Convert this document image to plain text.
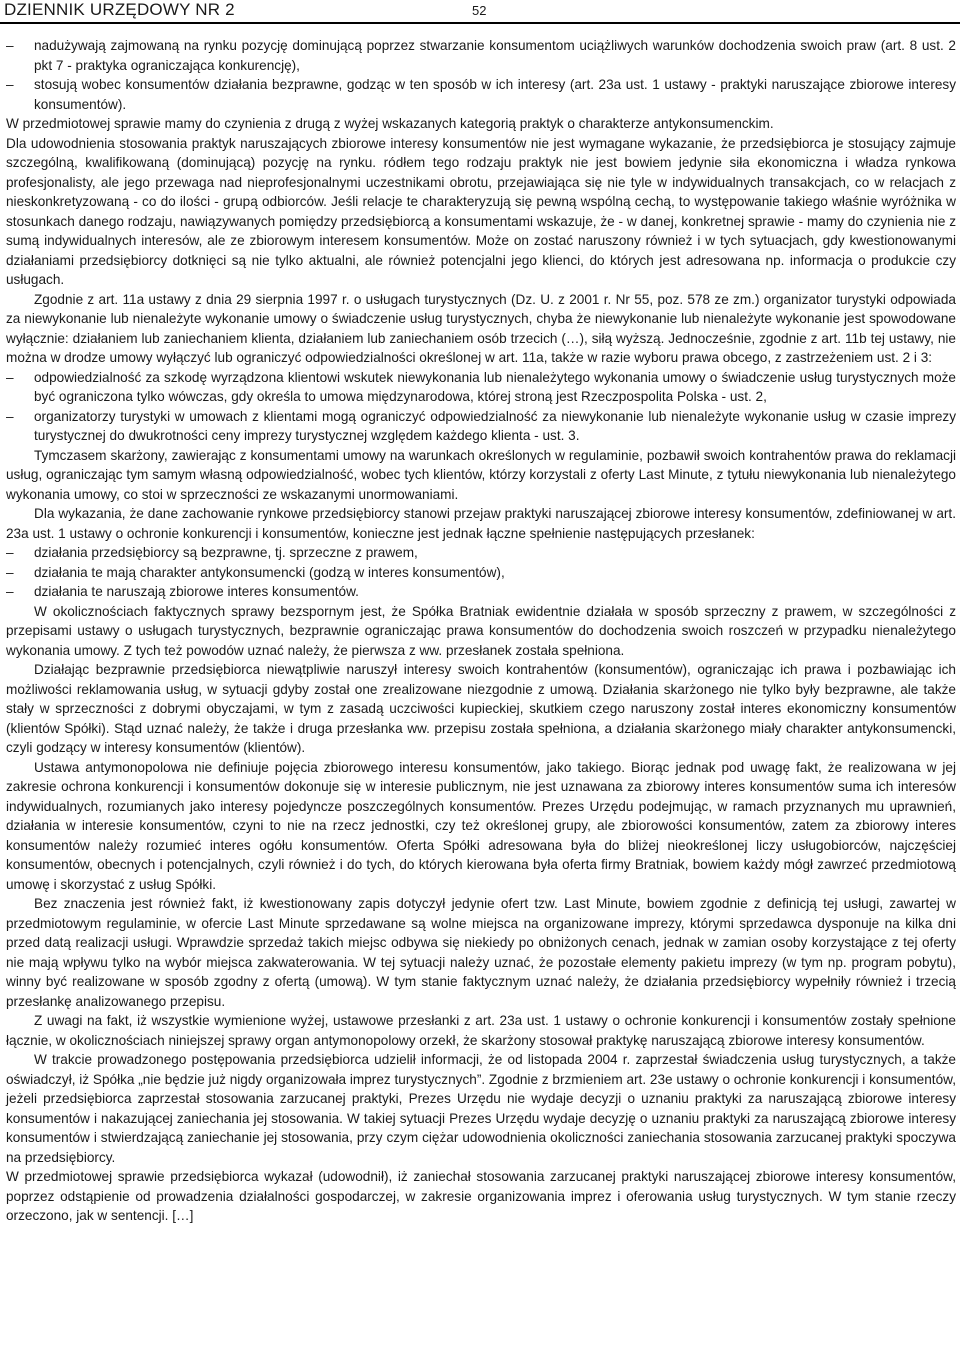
DZIENNIK URZĘDOWY NR 2	52
–	nadużywają zajmowaną na rynku pozycję dominującą poprzez stwarzanie konsumentom uciążliwych warunków dochodzenia swoich praw (art. 8 ust. 2 pkt 7 - praktyka ograniczająca konkurencję),
–	stosują wobec konsumentów działania bezprawne, godząc w ten sposób w ich interesy (art. 23a ust. 1 ustawy - praktyki naruszające zbiorowe interesy konsumentów).

W przedmiotowej sprawie mamy do czynienia z drugą z wyżej wskazanych kategorią praktyk o charakterze antykonsumenckim.

Dla udowodnienia stosowania praktyk naruszających zbiorowe interesy konsumentów nie jest wymagane wykazanie, że przedsiębiorca je stosujący zajmuje szczególną, kwalifikowaną (dominującą) pozycję na rynku. ródłem tego rodzaju praktyk nie jest bowiem jedynie siła ekonomiczna i władza rynkowa profesjonalisty, ale jego przewaga nad nieprofesjonalnymi uczestnikami obrotu, przejawiająca się nie tyle w indywidualnych transakcjach, co w relacjach z nieskonkretyzowaną - co do ilości - grupą odbiorców. Jeśli relacje te charakteryzują się pewną wspólną cechą, to występowanie takiego właśnie wyróżnika w stosunkach danego rodzaju, nawiązywanych pomiędzy przedsiębiorcą a konsumentami wskazuje, że - w danej, konkretnej sprawie - mamy do czynienia nie z sumą indywidualnych interesów, ale ze zbiorowym interesem konsumentów. Może on zostać naruszony również i w tych sytuacjach, gdy kwestionowanymi działaniami przedsiębiorcy dotknięci są nie tylko aktualni, ale również potencjalni jego klienci, do których jest adresowana np. informacja o produkcie czy usługach.

Zgodnie z art. 11a ustawy z dnia 29 sierpnia 1997 r. o usługach turystycznych (Dz. U. z 2001 r. Nr 55, poz. 578 ze zm.) organizator turystyki odpowiada za niewykonanie lub nienależyte wykonanie umowy o świadczenie usług turystycznych, chyba że niewykonanie lub nienależyte wykonanie jest spowodowane wyłącznie: działaniem lub zaniechaniem klienta, działaniem lub zaniechaniem osób trzecich (…), siłą wyższą. Jednocześnie, zgodnie z art. 11b tej ustawy, nie można w drodze umowy wyłączyć lub ograniczyć odpowiedzialności określonej w art. 11a, także w razie wyboru prawa obcego, z zastrzeżeniem ust. 2 i 3:

–	odpowiedzialność za szkodę wyrządzona klientowi wskutek niewykonania lub nienależytego wykonania umowy o świadczenie usług turystycznych może być ograniczona tylko wówczas, gdy określa to umowa międzynarodowa, której stroną jest Rzeczpospolita Polska - ust. 2,
–	organizatorzy turystyki w umowach z klientami mogą ograniczyć odpowiedzialność za niewykonanie lub nienależyte wykonanie usług w czasie imprezy turystycznej do dwukrotności ceny imprezy turystycznej względem każdego klienta - ust. 3.

Tymczasem skarżony, zawierając z konsumentami umowy na warunkach określonych w regulaminie, pozbawił swoich kontrahentów prawa do reklamacji usług, ograniczając tym samym własną odpowiedzialność, wobec tych klientów, którzy korzystali z oferty Last Minute, z tytułu niewykonania lub nienależytego wykonania umowy, co stoi w sprzeczności ze wskazanymi unormowaniami.

Dla wykazania, że dane zachowanie rynkowe przedsiębiorcy stanowi przejaw praktyki naruszającej zbiorowe interesy konsumentów, zdefiniowanej w art. 23a ust. 1 ustawy o ochronie konkurencji i konsumentów, konieczne jest jednak łączne spełnienie następujących przesłanek:

–	działania przedsiębiorcy są bezprawne, tj. sprzeczne z prawem,
–	działania te mają charakter antykonsumencki (godzą w interes konsumentów),
–	działania te naruszają zbiorowe interes konsumentów.

W okolicznościach faktycznych sprawy bezspornym jest, że Spółka Bratniak ewidentnie działała w sposób sprzeczny z prawem, w szczególności z przepisami ustawy o usługach turystycznych, bezprawnie ograniczając prawa konsumentów do dochodzenia swoich roszczeń w przypadku nienależytego wykonania umowy. Z tych też powodów uznać należy, że pierwsza z ww. przesłanek została spełniona.

Działając bezprawnie przedsiębiorca niewątpliwie naruszył interesy swoich kontrahentów (konsumentów), ograniczając ich prawa i pozbawiając ich możliwości reklamowania usług, w sytuacji gdyby został one zrealizowane niezgodnie z umową. Działania skarżonego nie tylko były bezprawne, ale także stały w sprzeczności z dobrymi obyczajami, w tym z zasadą uczciwości kupieckiej, skutkiem czego naruszony został interes ekonomiczny konsumentów (klientów Spółki). Stąd uznać należy, że także i druga przesłanka ww. przepisu została spełniona, a działania skarżonego miały charakter antykonsumencki, czyli godzący w interesy konsumentów (klientów).

Ustawa antymonopolowa nie definiuje pojęcia zbiorowego interesu konsumentów, jako takiego. Biorąc jednak pod uwagę fakt, że realizowana w jej zakresie ochrona konkurencji i konsumentów dokonuje się w interesie publicznym, nie jest uznawana za zbiorowy interes konsumentów suma ich interesów indywidualnych, rozumianych jako interesy pojedyncze poszczególnych konsumentów. Prezes Urzędu podejmując, w ramach przyznanych mu uprawnień, działania w interesie konsumentów, czyni to nie na rzecz jednostki, czy też określonej grupy, ale zbiorowości konsumentów, zatem za zbiorowy interes konsumentów należy rozumieć interes ogółu konsumentów. Oferta Spółki adresowana była do bliżej nieokreślonej liczy usługobiorców, najczęściej konsumentów, obecnych i potencjalnych, czyli również i do tych, do których kierowana była oferta firmy Bratniak, bowiem każdy mógł zawrzeć przedmiotową umowę i skorzystać z usług Spółki.

Bez znaczenia jest również fakt, iż kwestionowany zapis dotyczył jedynie ofert tzw. Last Minute, bowiem zgodnie z definicją tej usługi, zawartej w przedmiotowym regulaminie, w ofercie Last Minute sprzedawane są wolne miejsca na organizowane imprezy, którymi sprzedawca dysponuje na kilka dni przed datą realizacji usługi. Wprawdzie sprzedaż takich miejsc odbywa się niekiedy po obniżonych cenach, jednak w zamian osoby korzystające z tej oferty nie mają wpływu tylko na wybór miejsca zakwaterowania. W tej sytuacji należy uznać, że pozostałe elementy pakietu imprezy (w tym np. program pobytu), winny być realizowane w sposób zgodny z ofertą (umową). W tym stanie faktycznym uznać należy, że działania przedsiębiorcy wypełniły również i trzecią przesłankę analizowanego przepisu.

Z uwagi na fakt, iż wszystkie wymienione wyżej, ustawowe przesłanki z art. 23a ust. 1 ustawy o ochronie konkurencji i konsumentów zostały spełnione łącznie, w okolicznościach niniejszej sprawy organ antymonopolowy orzekł, że skarżony stosował praktykę naruszającą zbiorowe interesy konsumentów.

W trakcie prowadzonego postępowania przedsiębiorca udzielił informacji, że od listopada 2004 r. zaprzestał świadczenia usług turystycznych, a także oświadczył, iż Spółka „nie będzie już nigdy organizowała imprez turystycznych”. Zgodnie z brzmieniem art. 23e ustawy o ochronie konkurencji i konsumentów, jeżeli przedsiębiorca zaprzestał stosowania zarzucanej praktyki, Prezes Urzędu nie wydaje decyzji o uznaniu praktyki za naruszającą zbiorowe interesy konsumentów i nakazującej zaniechania jej stosowania. W takiej sytuacji Prezes Urzędu wydaje decyzję o uznaniu praktyki za naruszającą zbiorowe interesy konsumentów i stwierdzającą zaniechanie jej stosowania, przy czym ciężar udowodnienia okoliczności zaniechania stosowania zarzucanej praktyki spoczywa na przedsiębiorcy.

W przedmiotowej sprawie przedsiębiorca wykazał (udowodnił), iż zaniechał stosowania zarzucanej praktyki naruszającej zbiorowe interesy konsumentów, poprzez odstąpienie od prowadzenia działalności gospodarczej, w zakresie organizowania imprez i oferowania usług turystycznych. W tym stanie rzeczy orzeczono, jak w sentencji. […]
